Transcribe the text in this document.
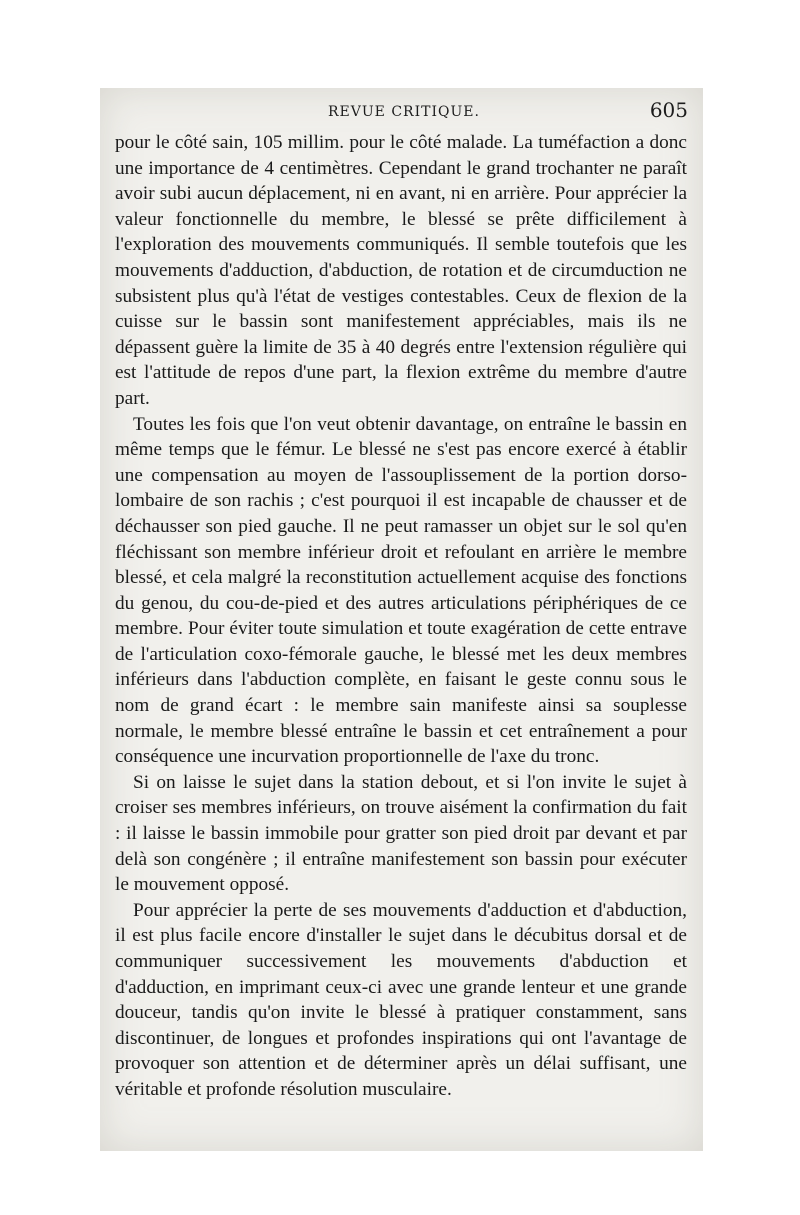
REVUE CRITIQUE.	605

pour le côté sain, 105 millim. pour le côté malade. La tuméfaction a donc une importance de 4 centimètres. Cependant le grand trochanter ne paraît avoir subi aucun déplacement, ni en avant, ni en arrière. Pour apprécier la valeur fonctionnelle du membre, le blessé se prête difficilement à l'exploration des mouvements communiqués. Il semble toutefois que les mouvements d'adduction, d'abduction, de rotation et de circumduction ne subsistent plus qu'à l'état de vestiges contestables. Ceux de flexion de la cuisse sur le bassin sont manifestement appréciables, mais ils ne dépassent guère la limite de 35 à 40 degrés entre l'extension régulière qui est l'attitude de repos d'une part, la flexion extrême du membre d'autre part.

Toutes les fois que l'on veut obtenir davantage, on entraîne le bassin en même temps que le fémur. Le blessé ne s'est pas encore exercé à établir une compensation au moyen de l'assouplissement de la portion dorso-lombaire de son rachis ; c'est pourquoi il est incapable de chausser et de déchausser son pied gauche. Il ne peut ramasser un objet sur le sol qu'en fléchissant son membre inférieur droit et refoulant en arrière le membre blessé, et cela malgré la reconstitution actuellement acquise des fonctions du genou, du cou-de-pied et des autres articulations périphériques de ce membre. Pour éviter toute simulation et toute exagération de cette entrave de l'articulation coxo-fémorale gauche, le blessé met les deux membres inférieurs dans l'abduction complète, en faisant le geste connu sous le nom de grand écart : le membre sain manifeste ainsi sa souplesse normale, le membre blessé entraîne le bassin et cet entraînement a pour conséquence une incurvation proportionnelle de l'axe du tronc.

Si on laisse le sujet dans la station debout, et si l'on invite le sujet à croiser ses membres inférieurs, on trouve aisément la confirmation du fait : il laisse le bassin immobile pour gratter son pied droit par devant et par delà son congénère ; il entraîne manifestement son bassin pour exécuter le mouvement opposé.

Pour apprécier la perte de ses mouvements d'adduction et d'abduction, il est plus facile encore d'installer le sujet dans le décubitus dorsal et de communiquer successivement les mouvements d'abduction et d'adduction, en imprimant ceux-ci avec une grande lenteur et une grande douceur, tandis qu'on invite le blessé à pratiquer constamment, sans discontinuer, de longues et profondes inspirations qui ont l'avantage de provoquer son attention et de déterminer après un délai suffisant, une véritable et profonde résolution musculaire.
